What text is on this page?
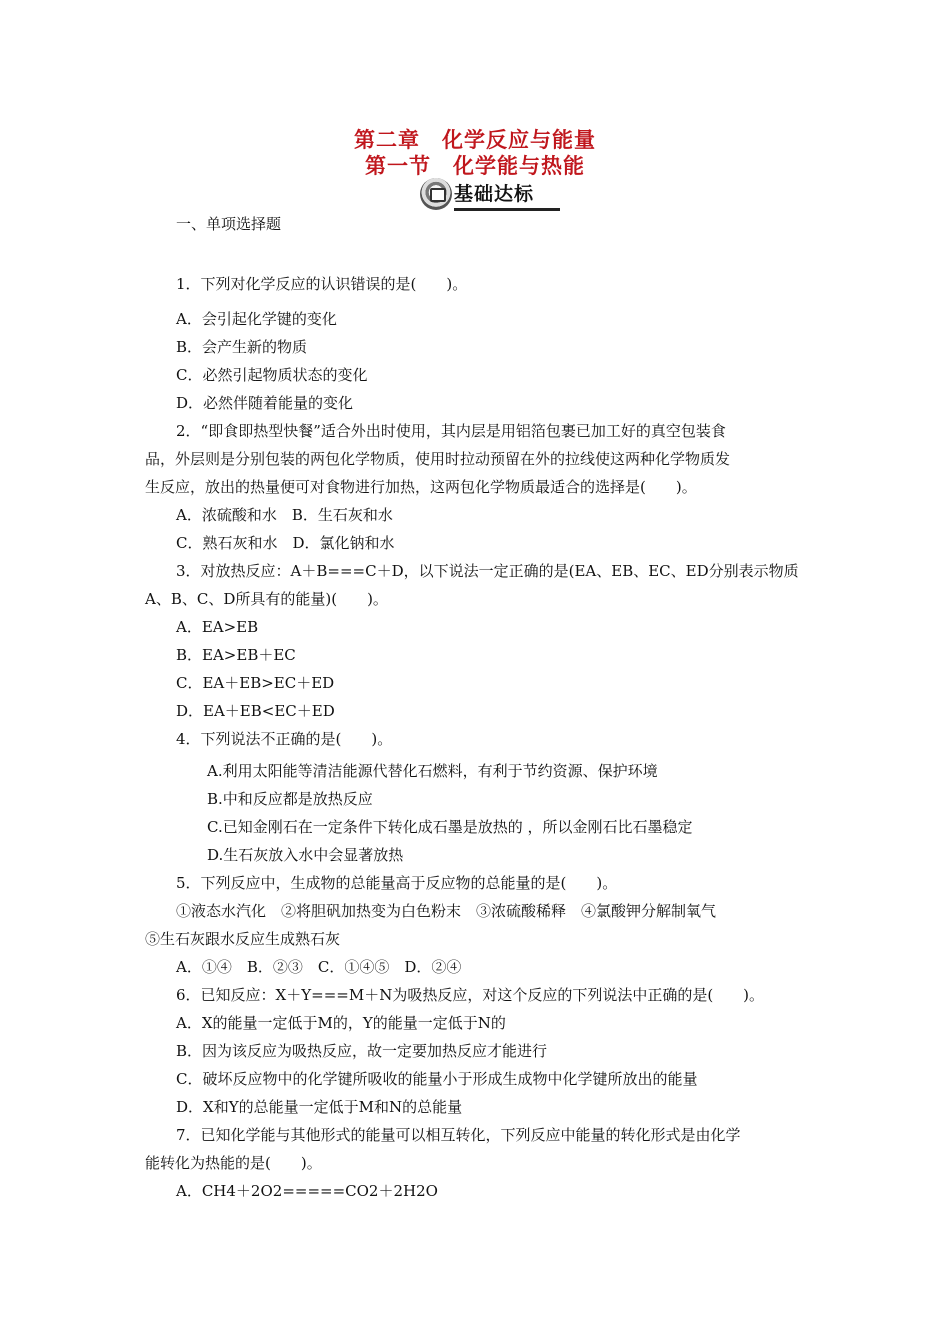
第二章　化学反应与能量
第一节　化学能与热能
基础达标
一、单项选择题
1．下列对化学反应的认识错误的是(　　)。
A．会引起化学键的变化
B．会产生新的物质
C．必然引起物质状态的变化
D．必然伴随着能量的变化
2．“即食即热型快餐”适合外出时使用，其内层是用铝箔包裹已加工好的真空包装食
品，外层则是分别包装的两包化学物质，使用时拉动预留在外的拉线使这两种化学物质发
生反应，放出的热量便可对食物进行加热，这两包化学物质最适合的选择是(　　)。
A．浓硫酸和水　B．生石灰和水
C．熟石灰和水　D．氯化钠和水
3．对放热反应：A＋B===C＋D，以下说法一定正确的是(EA、EB、EC、ED分别表示物质
A、B、C、D所具有的能量)(　　)。
A．EA>EB
B．EA>EB＋EC
C．EA＋EB>EC＋ED
D．EA＋EB<EC＋ED
4．下列说法不正确的是(　　)。
A.利用太阳能等清洁能源代替化石燃料，有利于节约资源、保护环境
B.中和反应都是放热反应
C.已知金刚石在一定条件下转化成石墨是放热的 ，所以金刚石比石墨稳定
D.生石灰放入水中会显著放热
5．下列反应中，生成物的总能量高于反应物的总能量的是(　　)。
①液态水汽化　②将胆矾加热变为白色粉末　③浓硫酸稀释　④氯酸钾分解制氧气
⑤生石灰跟水反应生成熟石灰
A．①④　B．②③　C．①④⑤　D．②④
6．已知反应：X＋Y===M＋N为吸热反应，对这个反应的下列说法中正确的是(　　)。
A．X的能量一定低于M的，Y的能量一定低于N的
B．因为该反应为吸热反应，故一定要加热反应才能进行
C．破坏反应物中的化学键所吸收的能量小于形成生成物中化学键所放出的能量
D．X和Y的总能量一定低于M和N的总能量
7．已知化学能与其他形式的能量可以相互转化，下列反应中能量的转化形式是由化学
能转化为热能的是(　　)。
A．CH4＋2O2=====CO2＋2H2O
